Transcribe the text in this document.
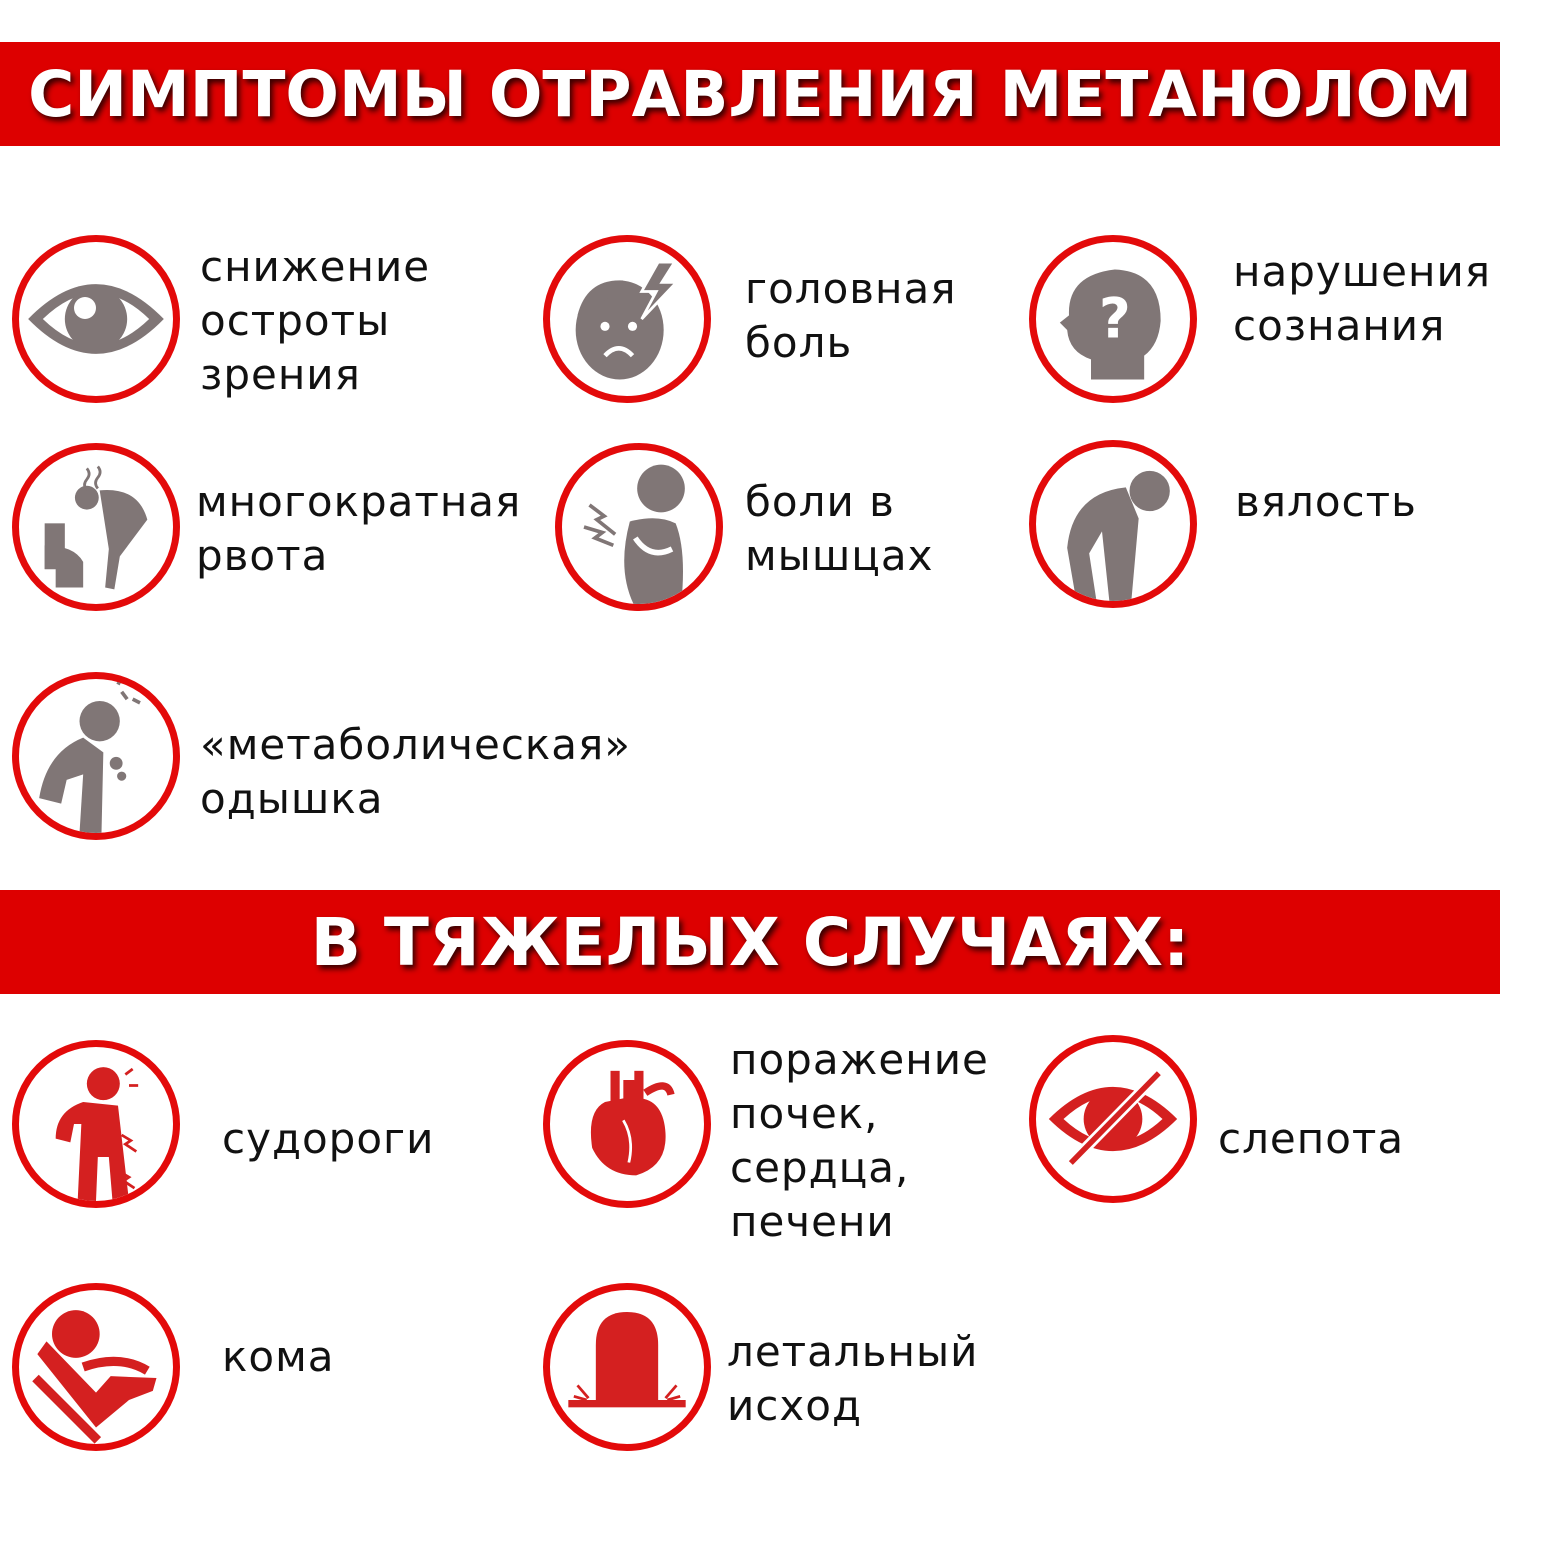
СИМПТОМЫ ОТРАВЛЕНИЯ МЕТАНОЛОМ
В ТЯЖЕЛЫХ СЛУЧАЯХ:
снижение
остроты
зрения
головная
боль	?
нарушения
сознания
многократная
рвота
боли в
мышцах
вялость
«метаболическая»
одышка
судороги
поражение
почек,
сердца,
печени
слепота
кома	летальный
исход
